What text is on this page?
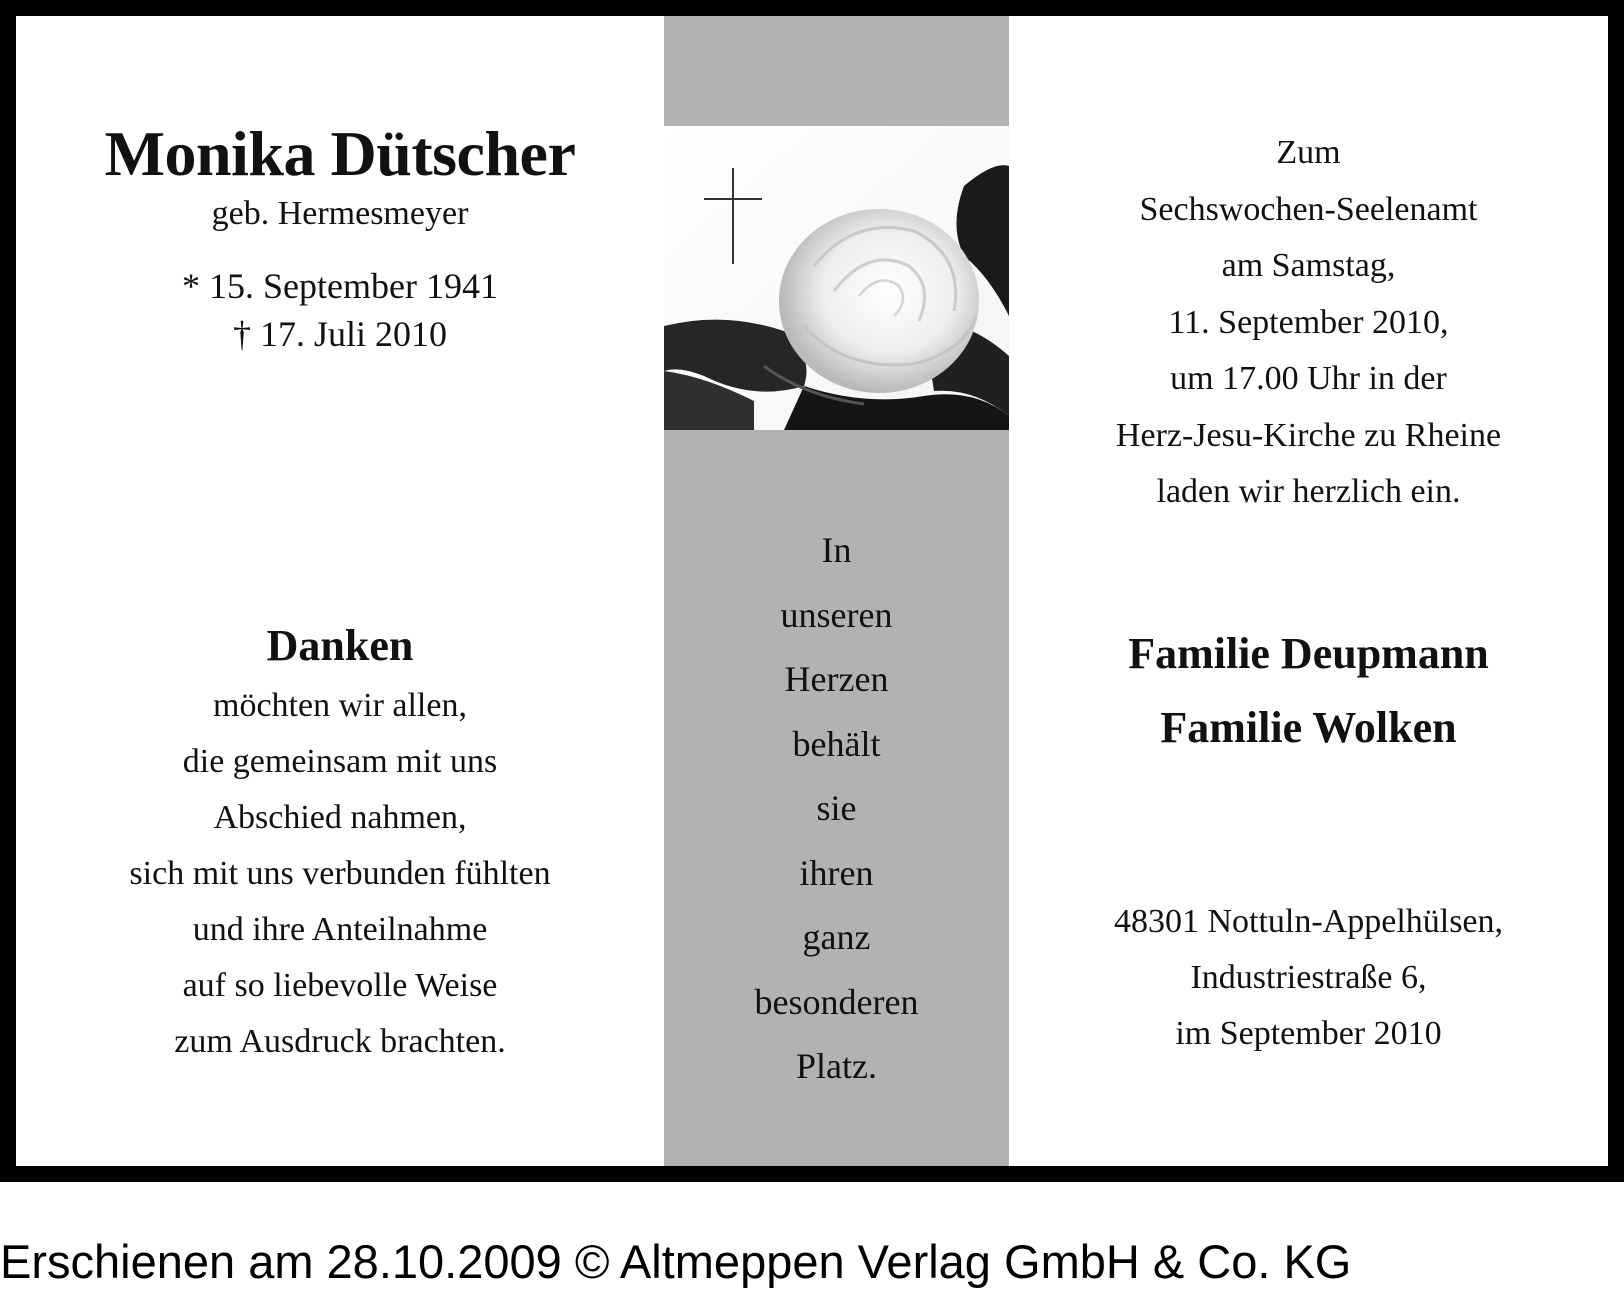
Monika Dütscher
geb. Hermesmeyer
* 15. September 1941
† 17. Juli 2010
Danken
möchten wir allen,
die gemeinsam mit uns
Abschied nahmen,
sich mit uns verbunden fühlten
und ihre Anteilnahme
auf so liebevolle Weise
zum Ausdruck brachten.
In
unseren
Herzen
behält
sie
ihren
ganz
besonderen
Platz.
Zum
Sechswochen-Seelenamt
am Samstag,
11. September 2010,
um 17.00 Uhr in der
Herz-Jesu-Kirche zu Rheine
laden wir herzlich ein.
Familie Deupmann
Familie Wolken
48301 Nottuln-Appelhülsen,
Industriestraße 6,
im September 2010
Erschienen am 28.10.2009 © Altmeppen Verlag GmbH & Co. KG
